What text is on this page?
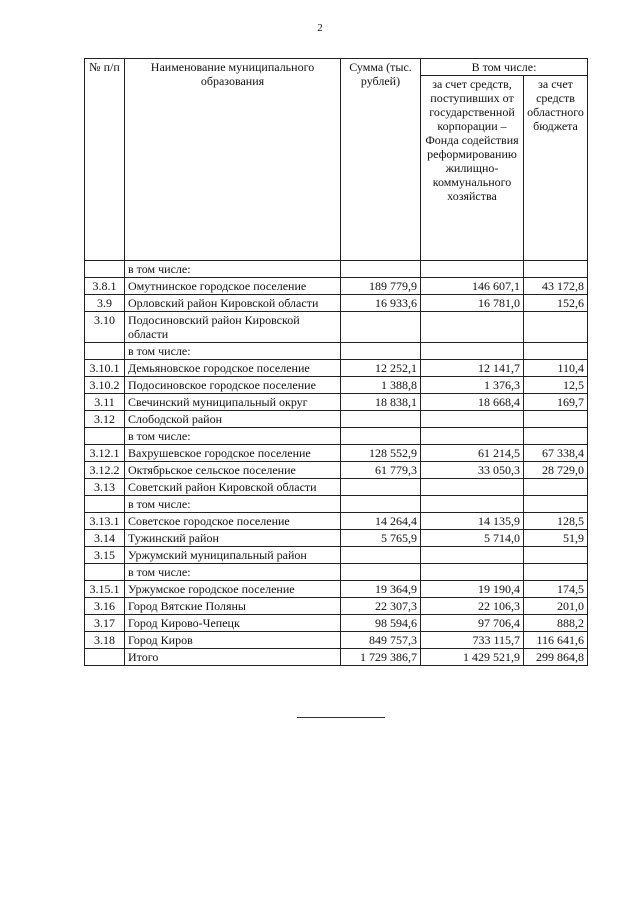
2
№ п/п	Наименование муниципального образования	Сумма (тыс. рублей)	В том числе:	
			за счет средств, поступивших от государственной корпорации – Фонда содействия реформированию жилищно-коммунального хозяйства	за счет средств областного бюджета
	в том числе:			
3.8.1	Омутнинское городское поселение	189 779,9	146 607,1	43 172,8
3.9	Орловский район Кировской области	16 933,6	16 781,0	152,6
3.10	Подосиновский район Кировской области			
	в том числе:			
3.10.1	Демьяновское городское поселение	12 252,1	12 141,7	110,4
3.10.2	Подосиновское городское поселение	1 388,8	1 376,3	12,5
3.11	Свечинский муниципальный округ	18 838,1	18 668,4	169,7
3.12	Слободской район			
	в том числе:			
3.12.1	Вахрушевское городское поселение	128 552,9	61 214,5	67 338,4
3.12.2	Октябрьское сельское поселение	61 779,3	33 050,3	28 729,0
3.13	Советский район Кировской области			
	в том числе:			
3.13.1	Советское городское поселение	14 264,4	14 135,9	128,5
3.14	Тужинский район	5 765,9	5 714,0	51,9
3.15	Уржумский муниципальный район			
	в том числе:			
3.15.1	Уржумское городское поселение	19 364,9	19 190,4	174,5
3.16	Город Вятские Поляны	22 307,3	22 106,3	201,0
3.17	Город Кирово-Чепецк	98 594,6	97 706,4	888,2
3.18	Город Киров	849 757,3	733 115,7	116 641,6
	Итого	1 729 386,7	1 429 521,9	299 864,8
